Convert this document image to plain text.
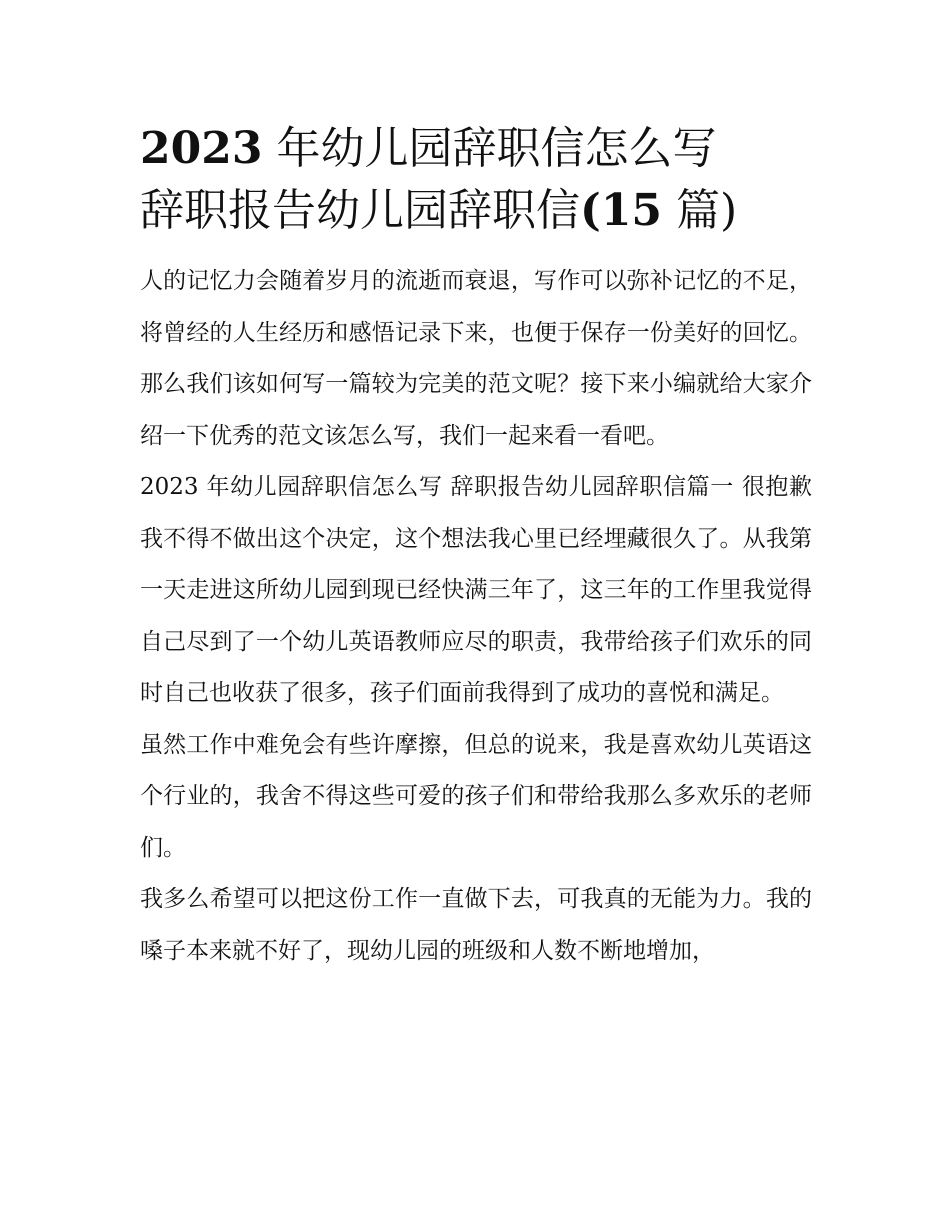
2023 年幼儿园辞职信怎么写
辞职报告幼儿园辞职信(15 篇)

人的记忆力会随着岁月的流逝而衰退，写作可以弥补记忆的不足，将曾经的人生经历和感悟记录下来，也便于保存一份美好的回忆。那么我们该如何写一篇较为完美的范文呢？接下来小编就给大家介绍一下优秀的范文该怎么写，我们一起来看一看吧。

2023 年幼儿园辞职信怎么写 辞职报告幼儿园辞职信篇一 很抱歉我不得不做出这个决定，这个想法我心里已经埋藏很久了。从我第一天走进这所幼儿园到现已经快满三年了，这三年的工作里我觉得自己尽到了一个幼儿英语教师应尽的职责，我带给孩子们欢乐的同时自己也收获了很多，孩子们面前我得到了成功的喜悦和满足。

虽然工作中难免会有些许摩擦，但总的说来，我是喜欢幼儿英语这个行业的，我舍不得这些可爱的孩子们和带给我那么多欢乐的老师们。

我多么希望可以把这份工作一直做下去，可我真的无能为力。我的嗓子本来就不好了，现幼儿园的班级和人数不断地增加，
